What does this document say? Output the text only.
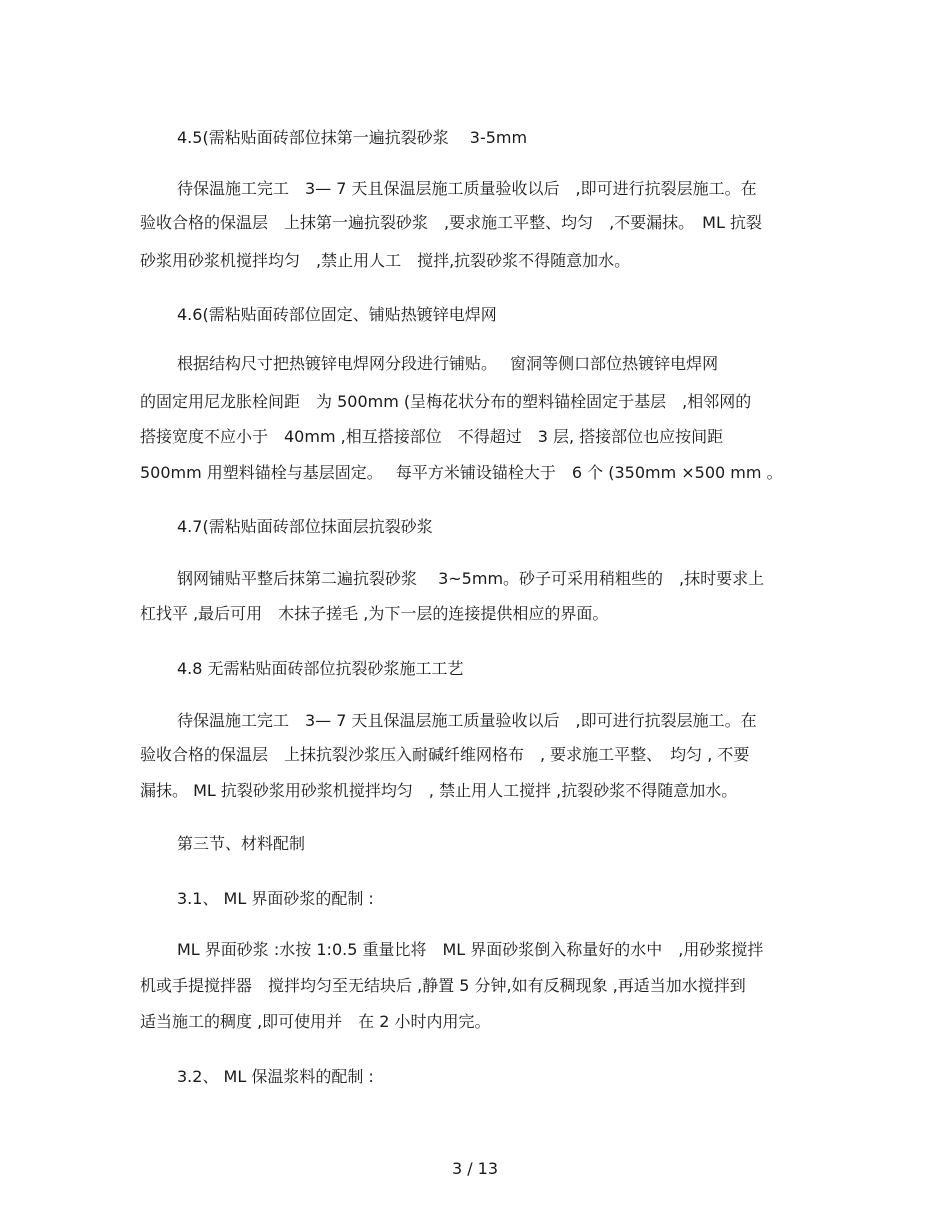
4.5(需粘贴面砖部位抹第一遍抗裂砂浆　 3-5mm
待保温施工完工　3— 7 天且保温层施工质量验收以后　,即可进行抗裂层施工。在
验收合格的保温层　上抹第一遍抗裂砂浆　,要求施工平整、均匀　,不要漏抹。　ML 抗裂
砂浆用砂浆机搅拌均匀　,禁止用人工　搅拌,抗裂砂浆不得随意加水。
4.6(需粘贴面砖部位固定、铺贴热镀锌电焊网
根据结构尺寸把热镀锌电焊网分段进行铺贴。　 窗洞等侧口部位热镀锌电焊网
的固定用尼龙胀栓间距　为 500mm (呈梅花状分布的塑料锚栓固定于基层　,相邻网的
搭接宽度不应小于　40mm ,相互搭接部位　不得超过　3 层, 搭接部位也应按间距
500mm 用塑料锚栓与基层固定。　 每平方米铺设锚栓大于　6 个 (350mm ×500 mm 。
4.7(需粘贴面砖部位抹面层抗裂砂浆
钢网铺贴平整后抹第二遍抗裂砂浆　 3~5mm。砂子可采用稍粗些的　,抹时要求上
杠找平 ,最后可用　木抹子搓毛 ,为下一层的连接提供相应的界面。
4.8 无需粘贴面砖部位抗裂砂浆施工工艺
待保温施工完工　3— 7 天且保温层施工质量验收以后　,即可进行抗裂层施工。在
验收合格的保温层　上抹抗裂沙浆压入耐碱纤维网格布　, 要求施工平整、　均匀 , 不要
漏抹。 ML 抗裂砂浆用砂浆机搅拌均匀　, 禁止用人工搅拌 ,抗裂砂浆不得随意加水。
第三节、材料配制
3.1、 ML 界面砂浆的配制 :
ML 界面砂浆 :水按 1:0.5 重量比将　ML 界面砂浆倒入称量好的水中　,用砂浆搅拌
机或手提搅拌器　搅拌均匀至无结块后 ,静置 5 分钟,如有反稠现象 ,再适当加水搅拌到
适当施工的稠度 ,即可使用并　在 2 小时内用完。
3.2、 ML 保温浆料的配制 :
3 / 13
